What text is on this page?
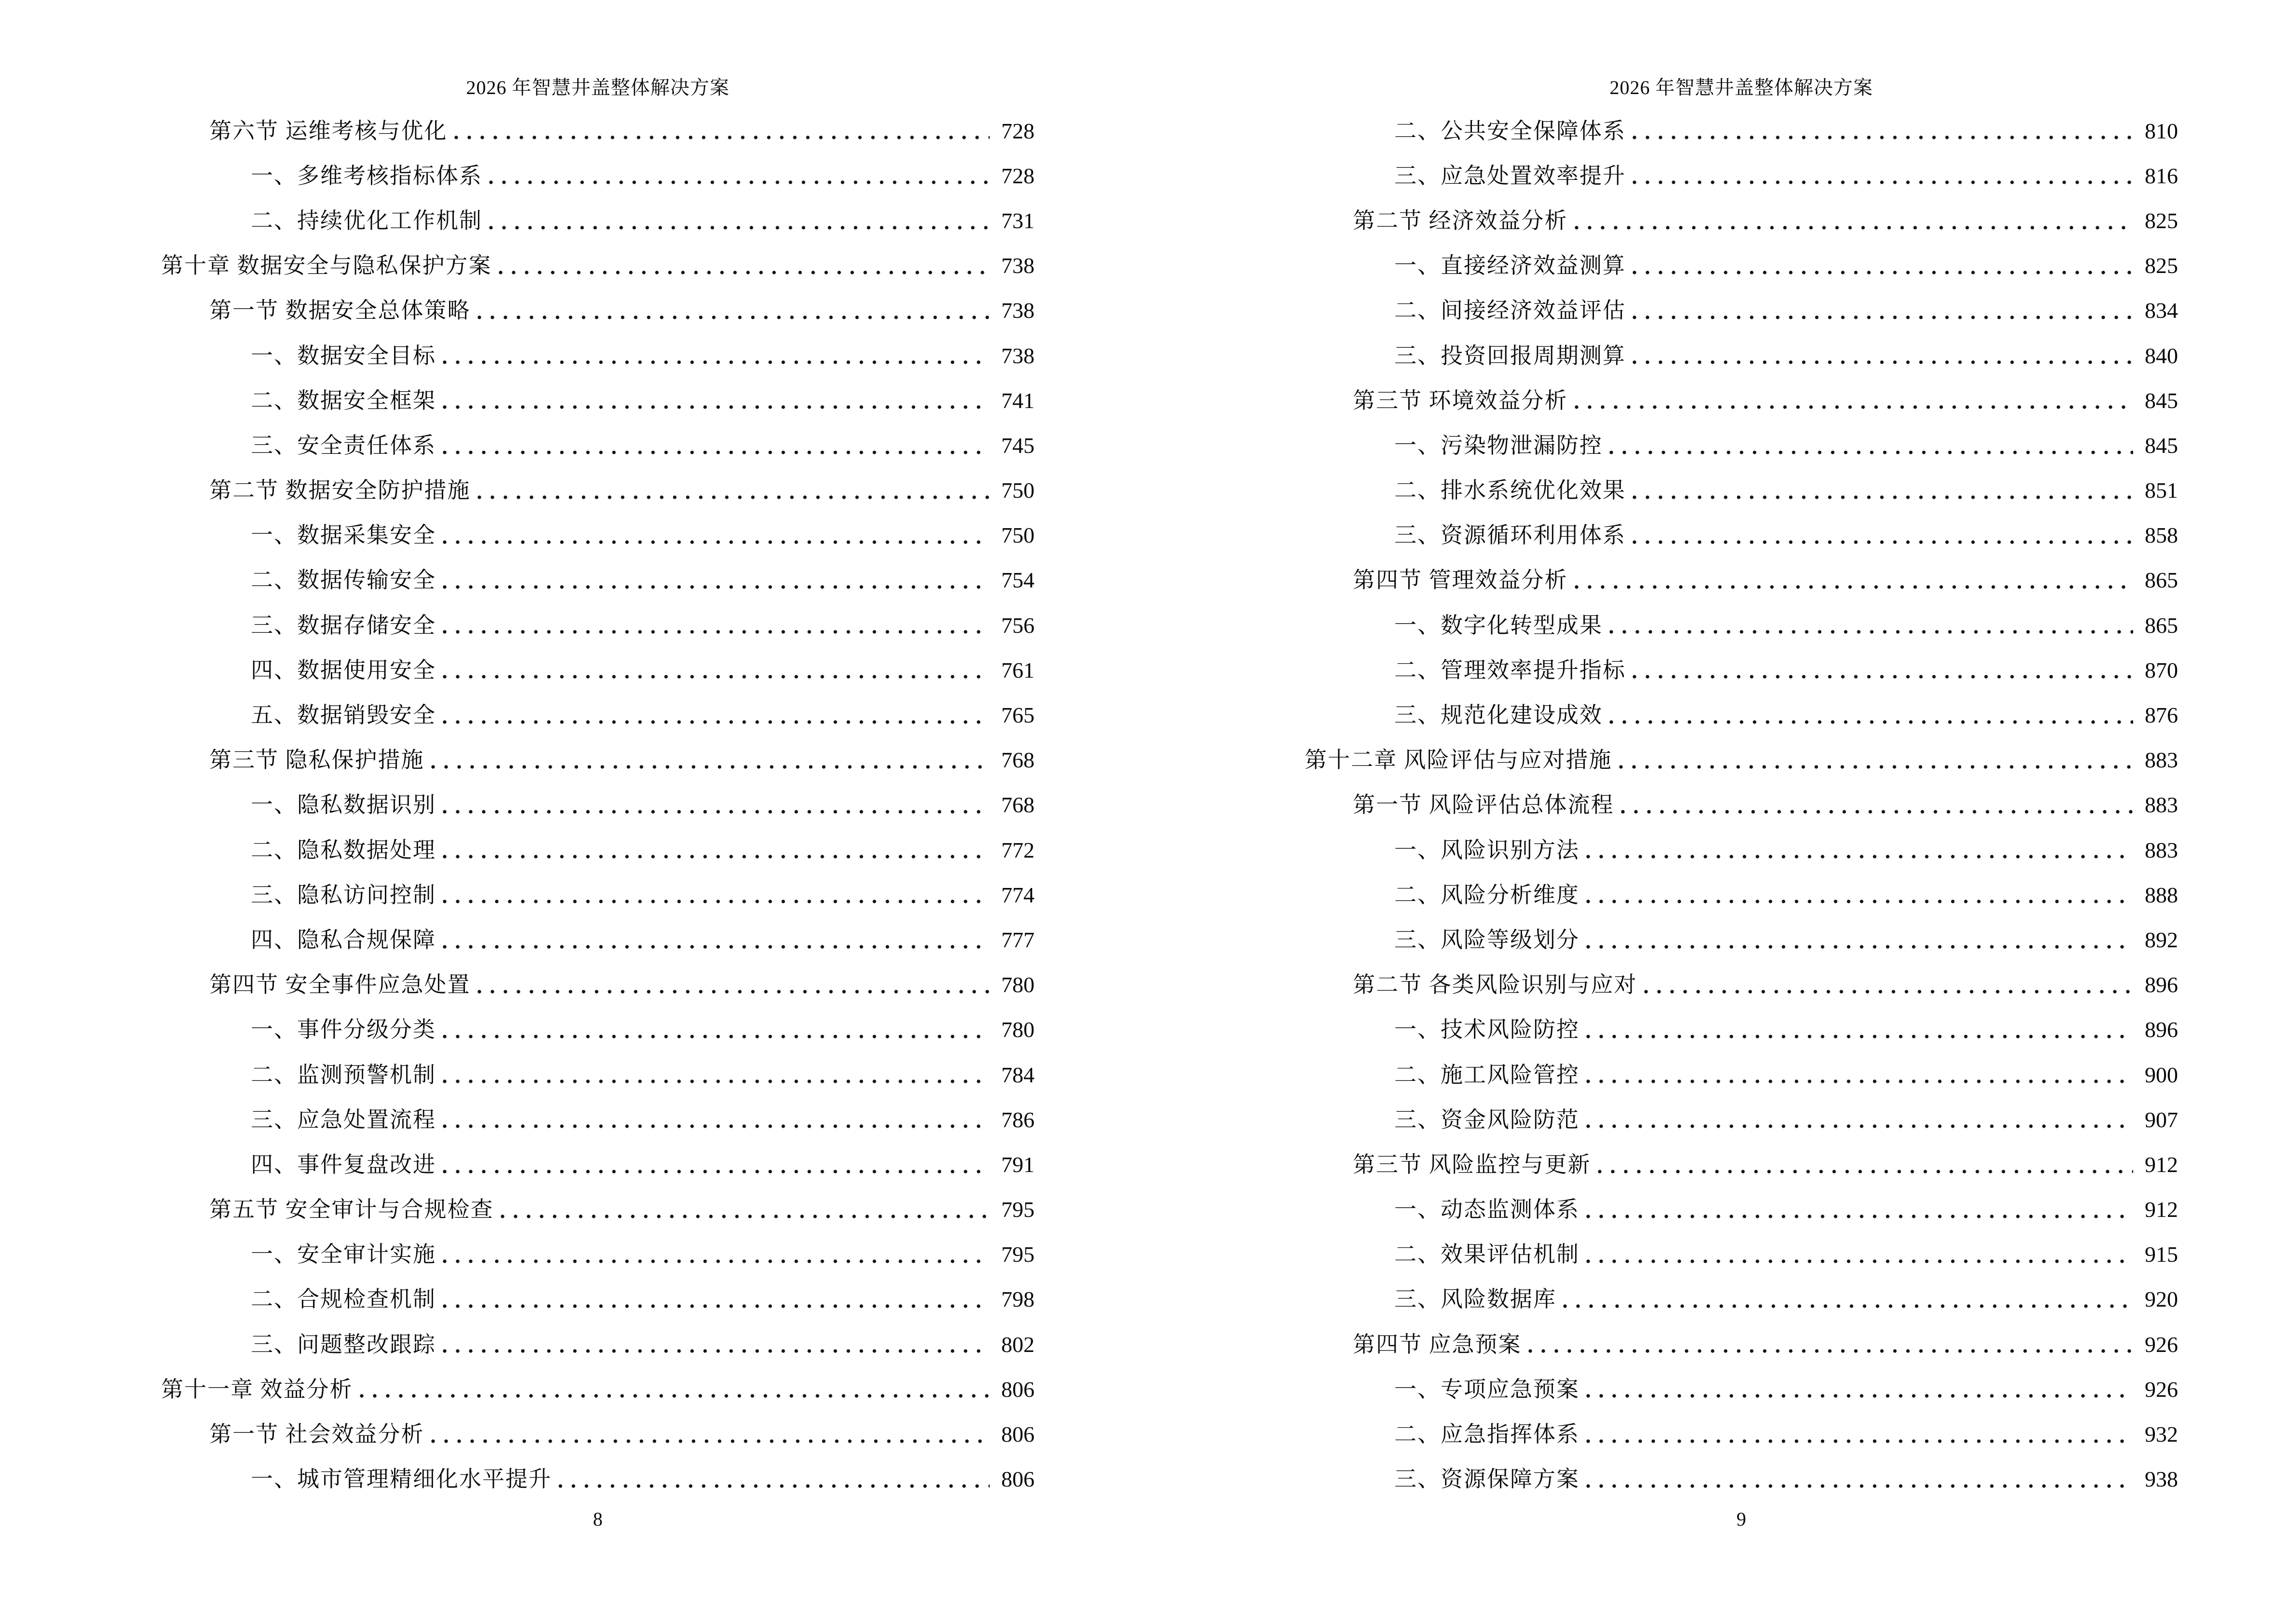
2026 年智慧井盖整体解决方案
第六节 运维考核与优化	728
一、多维考核指标体系	728
二、持续优化工作机制	731
第十章 数据安全与隐私保护方案	738
第一节 数据安全总体策略	738
一、数据安全目标	738
二、数据安全框架	741
三、安全责任体系	745
第二节 数据安全防护措施	750
一、数据采集安全	750
二、数据传输安全	754
三、数据存储安全	756
四、数据使用安全	761
五、数据销毁安全	765
第三节 隐私保护措施	768
一、隐私数据识别	768
二、隐私数据处理	772
三、隐私访问控制	774
四、隐私合规保障	777
第四节 安全事件应急处置	780
一、事件分级分类	780
二、监测预警机制	784
三、应急处置流程	786
四、事件复盘改进	791
第五节 安全审计与合规检查	795
一、安全审计实施	795
二、合规检查机制	798
三、问题整改跟踪	802
第十一章 效益分析	806
第一节 社会效益分析	806
一、城市管理精细化水平提升	806
8
2026 年智慧井盖整体解决方案
二、公共安全保障体系	810
三、应急处置效率提升	816
第二节 经济效益分析	825
一、直接经济效益测算	825
二、间接经济效益评估	834
三、投资回报周期测算	840
第三节 环境效益分析	845
一、污染物泄漏防控	845
二、排水系统优化效果	851
三、资源循环利用体系	858
第四节 管理效益分析	865
一、数字化转型成果	865
二、管理效率提升指标	870
三、规范化建设成效	876
第十二章 风险评估与应对措施	883
第一节 风险评估总体流程	883
一、风险识别方法	883
二、风险分析维度	888
三、风险等级划分	892
第二节 各类风险识别与应对	896
一、技术风险防控	896
二、施工风险管控	900
三、资金风险防范	907
第三节 风险监控与更新	912
一、动态监测体系	912
二、效果评估机制	915
三、风险数据库	920
第四节 应急预案	926
一、专项应急预案	926
二、应急指挥体系	932
三、资源保障方案	938
9
